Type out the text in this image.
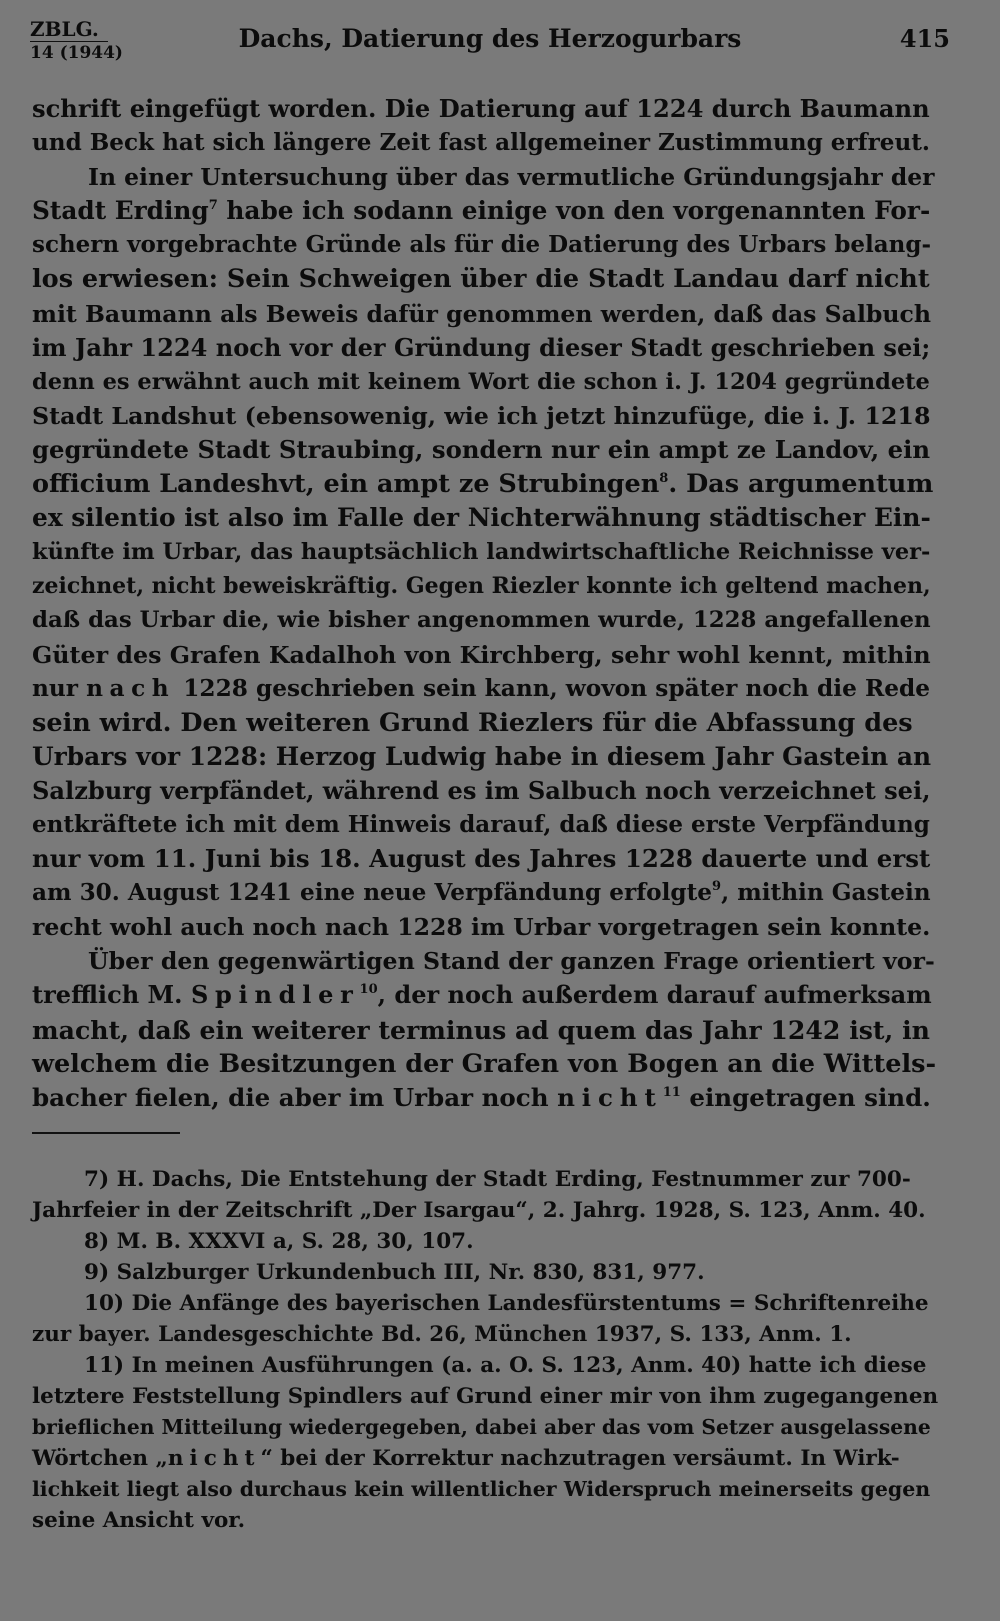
ZBLG.
14 (1944)	Dachs, Datierung des Herzogurbars	415
schrift eingefügt worden. Die Datierung auf 1224 durch Baumann
und Beck hat sich längere Zeit fast allgemeiner Zustimmung erfreut.
In einer Untersuchung über das vermutliche Gründungsjahr der
Stadt Erding$^7$ habe ich sodann einige von den vorgenannten For-
schern vorgebrachte Gründe als für die Datierung des Urbars belang-
los erwiesen: Sein Schweigen über die Stadt Landau darf nicht
mit Baumann als Beweis dafür genommen werden, daß das Salbuch
im Jahr 1224 noch vor der Gründung dieser Stadt geschrieben sei;
denn es erwähnt auch mit keinem Wort die schon i. J. 1204 gegründete
Stadt Landshut (ebensowenig, wie ich jetzt hinzufüge, die i. J. 1218
gegründete Stadt Straubing, sondern nur ein ampt ze Landov, ein
officium Landeshvt, ein ampt ze Strubingen$^8$. Das argumentum
ex silentio ist also im Falle der Nichterwähnung städtischer Ein-
künfte im Urbar, das hauptsächlich landwirtschaftliche Reichnisse ver-
zeichnet, nicht beweiskräftig. Gegen Riezler konnte ich geltend machen,
daß das Urbar die, wie bisher angenommen wurde, 1228 angefallenen
Güter des Grafen Kadalhoh von Kirchberg, sehr wohl kennt, mithin
nur nach 1228 geschrieben sein kann, wovon später noch die Rede
sein wird. Den weiteren Grund Riezlers für die Abfassung des
Urbars vor 1228: Herzog Ludwig habe in diesem Jahr Gastein an
Salzburg verpfändet, während es im Salbuch noch verzeichnet sei,
entkräftete ich mit dem Hinweis darauf, daß diese erste Verpfändung
nur vom 11. Juni bis 18. August des Jahres 1228 dauerte und erst
am 30. August 1241 eine neue Verpfändung erfolgte$^9$, mithin Gastein
recht wohl auch noch nach 1228 im Urbar vorgetragen sein konnte.
Über den gegenwärtigen Stand der ganzen Frage orientiert vor-
trefflich M. Spindler$^{10}$, der noch außerdem darauf aufmerksam
macht, daß ein weiterer terminus ad quem das Jahr 1242 ist, in
welchem die Besitzungen der Grafen von Bogen an die Wittels-
bacher fielen, die aber im Urbar noch nicht$^{11}$ eingetragen sind.
7) H. Dachs, Die Entstehung der Stadt Erding, Festnummer zur 700-
Jahrfeier in der Zeitschrift „Der Isargau“, 2. Jahrg. 1928, S. 123, Anm. 40.
8) M. B. XXXVI a, S. 28, 30, 107.
9) Salzburger Urkundenbuch III, Nr. 830, 831, 977.
10) Die Anfänge des bayerischen Landesfürstentums = Schriftenreihe
zur bayer. Landesgeschichte Bd. 26, München 1937, S. 133, Anm. 1.
11) In meinen Ausführungen (a. a. O. S. 123, Anm. 40) hatte ich diese
letztere Feststellung Spindlers auf Grund einer mir von ihm zugegangenen
brieflichen Mitteilung wiedergegeben, dabei aber das vom Setzer ausgelassene
Wörtchen „nicht“ bei der Korrektur nachzutragen versäumt. In Wirk-
lichkeit liegt also durchaus kein willentlicher Widerspruch meinerseits gegen
seine Ansicht vor.
